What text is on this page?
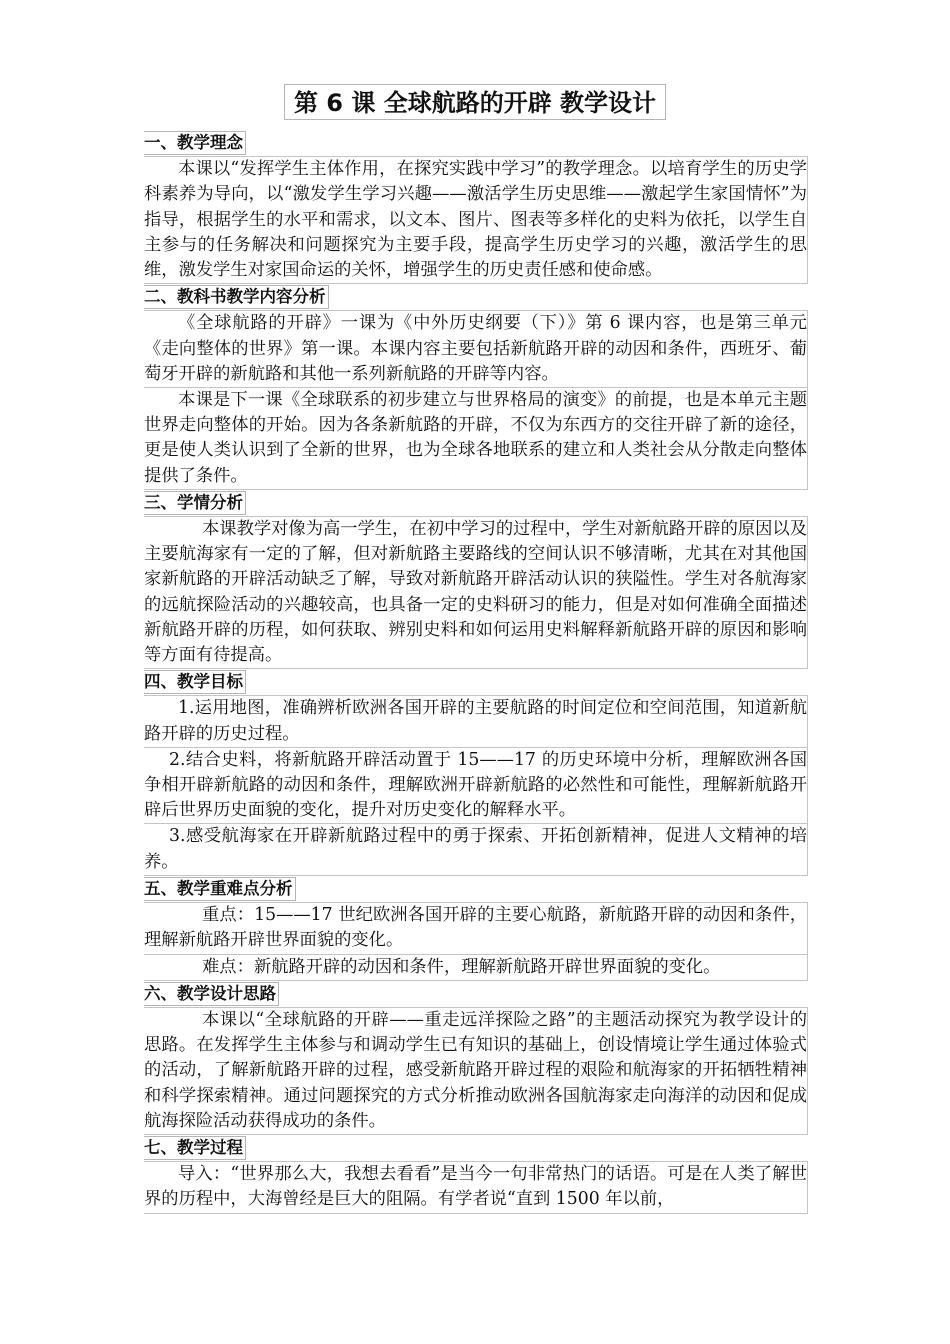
第 6 课 全球航路的开辟 教学设计
一、教学理念

本课以“发挥学生主体作用，在探究实践中学习”的教学理念。以培育学生的历史学科素养为导向，以“激发学生学习兴趣——激活学生历史思维——激起学生家国情怀”为指导，根据学生的水平和需求，以文本、图片、图表等多样化的史料为依托，以学生自主参与的任务解决和问题探究为主要手段，提高学生历史学习的兴趣，激活学生的思维，激发学生对家国命运的关怀，增强学生的历史责任感和使命感。

二、教科书教学内容分析

《全球航路的开辟》一课为《中外历史纲要（下）》第 6 课内容，也是第三单元《走向整体的世界》第一课。本课内容主要包括新航路开辟的动因和条件，西班牙、葡萄牙开辟的新航路和其他一系列新航路的开辟等内容。

本课是下一课《全球联系的初步建立与世界格局的演变》的前提，也是本单元主题世界走向整体的开始。因为各条新航路的开辟，不仅为东西方的交往开辟了新的途径，更是使人类认识到了全新的世界，也为全球各地联系的建立和人类社会从分散走向整体提供了条件。

三、学情分析

本课教学对像为高一学生，在初中学习的过程中，学生对新航路开辟的原因以及主要航海家有一定的了解，但对新航路主要路线的空间认识不够清晰，尤其在对其他国家新航路的开辟活动缺乏了解，导致对新航路开辟活动认识的狭隘性。学生对各航海家的远航探险活动的兴趣较高，也具备一定的史料研习的能力，但是对如何准确全面描述新航路开辟的历程，如何获取、辨别史料和如何运用史料解释新航路开辟的原因和影响等方面有待提高。

四、教学目标

1.运用地图，准确辨析欧洲各国开辟的主要航路的时间定位和空间范围，知道新航路开辟的历史过程。

2.结合史料，将新航路开辟活动置于 15——17 的历史环境中分析，理解欧洲各国争相开辟新航路的动因和条件，理解欧洲开辟新航路的必然性和可能性，理解新航路开辟后世界历史面貌的变化，提升对历史变化的解释水平。

3.感受航海家在开辟新航路过程中的勇于探索、开拓创新精神，促进人文精神的培养。

五、教学重难点分析

重点：15——17 世纪欧洲各国开辟的主要心航路，新航路开辟的动因和条件，理解新航路开辟世界面貌的变化。

难点：新航路开辟的动因和条件，理解新航路开辟世界面貌的变化。

六、教学设计思路

本课以“全球航路的开辟——重走远洋探险之路”的主题活动探究为教学设计的思路。在发挥学生主体参与和调动学生已有知识的基础上，创设情境让学生通过体验式的活动，了解新航路开辟的过程，感受新航路开辟过程的艰险和航海家的开拓牺牲精神和科学探索精神。通过问题探究的方式分析推动欧洲各国航海家走向海洋的动因和促成航海探险活动获得成功的条件。

七、教学过程

导入：“世界那么大，我想去看看”是当今一句非常热门的话语。可是在人类了解世界的历程中，大海曾经是巨大的阻隔。有学者说“直到 1500 年以前，
